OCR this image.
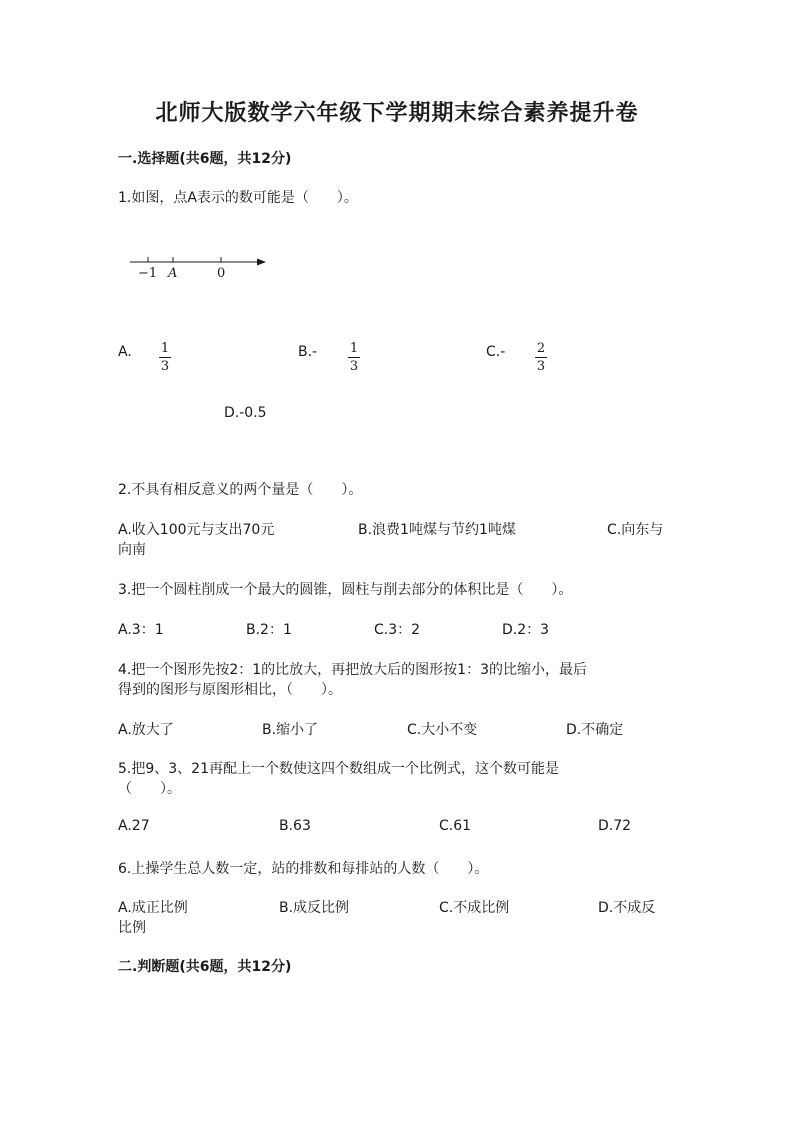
北师大版数学六年级下学期期末综合素养提升卷
一.选择题(共6题，共12分)
1.如图，点A表示的数可能是（　　）。
−1 A	0
A. 1
3
B.-	1
3
C.- 2
3
D.-0.5
2.不具有相反意义的两个量是（　　）。
A.收入100元与支出70元	B.浪费1吨煤与节约1吨煤	C.向东与
向南
3.把一个圆柱削成一个最大的圆锥，圆柱与削去部分的体积比是（　　）。
A.3：1	B.2：1	C.3：2	D.2：3
4.把一个图形先按2：1的比放大，再把放大后的图形按1：3的比缩小，最后
得到的图形与原图形相比，（　　）。
A.放大了	B.缩小了	C.大小不变	D.不确定
5.把9、3、21再配上一个数使这四个数组成一个比例式，这个数可能是
（　　）。
A.27	B.63	C.61	D.72
6.上操学生总人数一定，站的排数和每排站的人数（　　）。
A.成正比例	B.成反比例	C.不成比例	D.不成反
比例
二.判断题(共6题，共12分)
